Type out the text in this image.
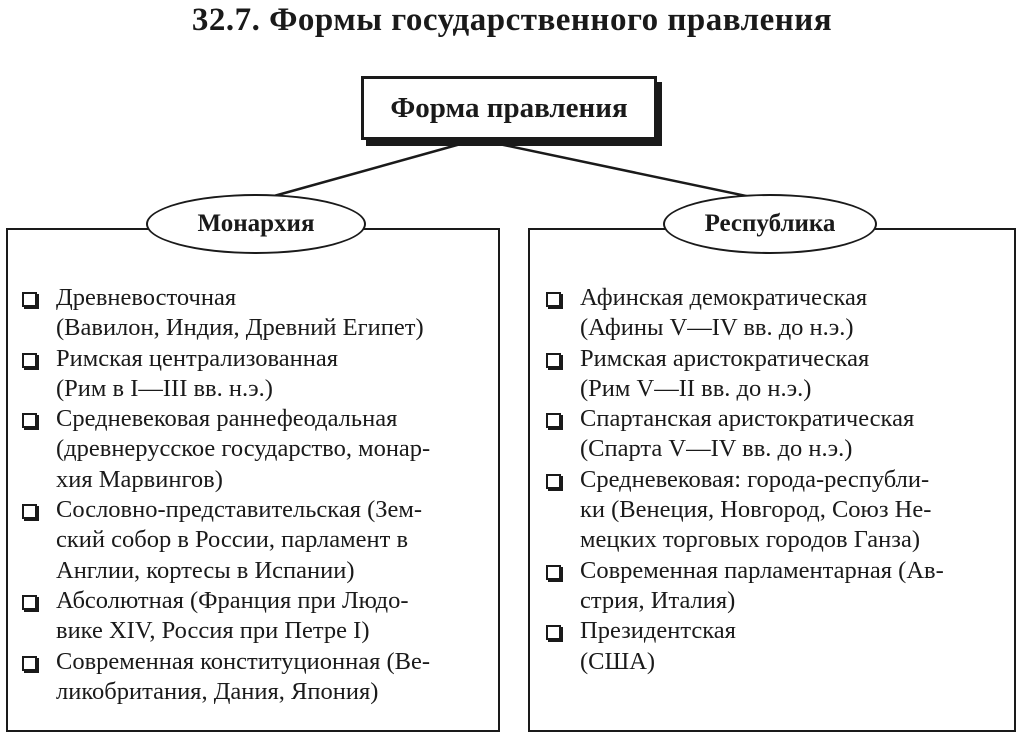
32.7. Формы государственного правления
Форма правления
Монархия	Республика
Древневосточная
(Вавилон, Индия, Древний Египет)
Римская централизованная
(Рим в I—III вв. н.э.)
Средневековая раннефеодальная
(древнерусское государство, монар-
хия Марвингов)
Сословно-представительская (Зем-
ский собор в России, парламент в
Англии, кортесы в Испании)
Абсолютная (Франция при Людо-
вике XIV, Россия при Петре I)
Современная конституционная (Ве-
ликобритания, Дания, Япония)
Афинская демократическая
(Афины V—IV вв. до н.э.)
Римская аристократическая
(Рим V—II вв. до н.э.)
Спартанская аристократическая
(Спарта V—IV вв. до н.э.)
Средневековая: города-республи-
ки (Венеция, Новгород, Союз Не-
мецких торговых городов Ганза)
Современная парламентарная (Ав-
стрия, Италия)
Президентская
(США)
